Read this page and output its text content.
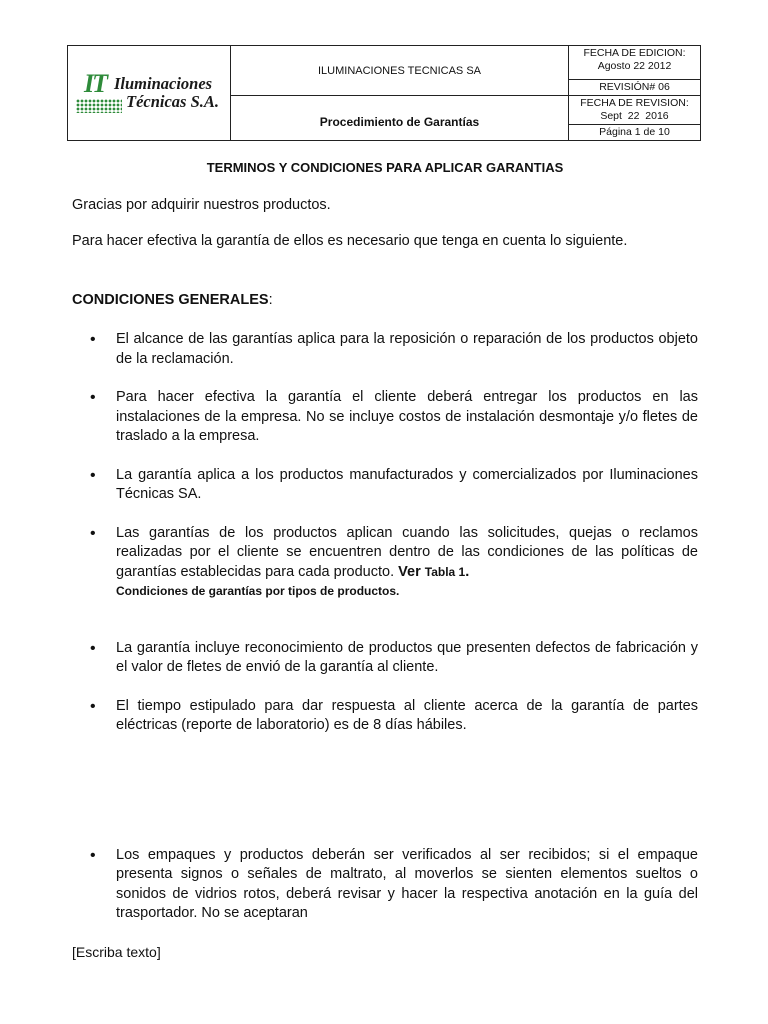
IT Iluminaciones
Técnicas S.A.
ILUMINACIONES TECNICAS SA
Procedimiento de Garantías
FECHA DE EDICION:
Agosto 22 2012
REVISIÓN# 06
FECHA DE REVISION:
Sept  22  2016
Página 1 de 10
TERMINOS Y CONDICIONES PARA APLICAR GARANTIAS

Gracias por adquirir nuestros productos.

Para hacer efectiva la garantía de ellos es necesario que tenga en cuenta lo siguiente.

CONDICIONES GENERALES:

• El alcance de las garantías aplica para la reposición o reparación de los productos objeto de la reclamación.
• Para hacer efectiva la garantía el cliente deberá entregar los productos en las instalaciones de la empresa. No se incluye costos de instalación desmontaje y/o fletes de traslado a la empresa.
• La garantía aplica a los productos manufacturados y comercializados por Iluminaciones Técnicas SA.
• Las garantías de los productos aplican cuando las solicitudes, quejas o reclamos realizadas por el cliente se encuentren dentro de las condiciones de las políticas de garantías establecidas para cada producto. Ver Tabla 1.
Condiciones de garantías por tipos de productos.
• La garantía incluye reconocimiento de productos que presenten defectos de fabricación y el valor de fletes de envió de la garantía al cliente.
• El tiempo estipulado para dar respuesta al cliente acerca de la garantía de partes eléctricas (reporte de laboratorio) es de 8 días hábiles.
• Los empaques y productos deberán ser verificados al ser recibidos; si el empaque presenta signos o señales de maltrato, al moverlos se sienten elementos sueltos o sonidos de vidrios rotos, deberá revisar y hacer la respectiva anotación en la guía del trasportador. No se aceptaran
[Escriba texto]
